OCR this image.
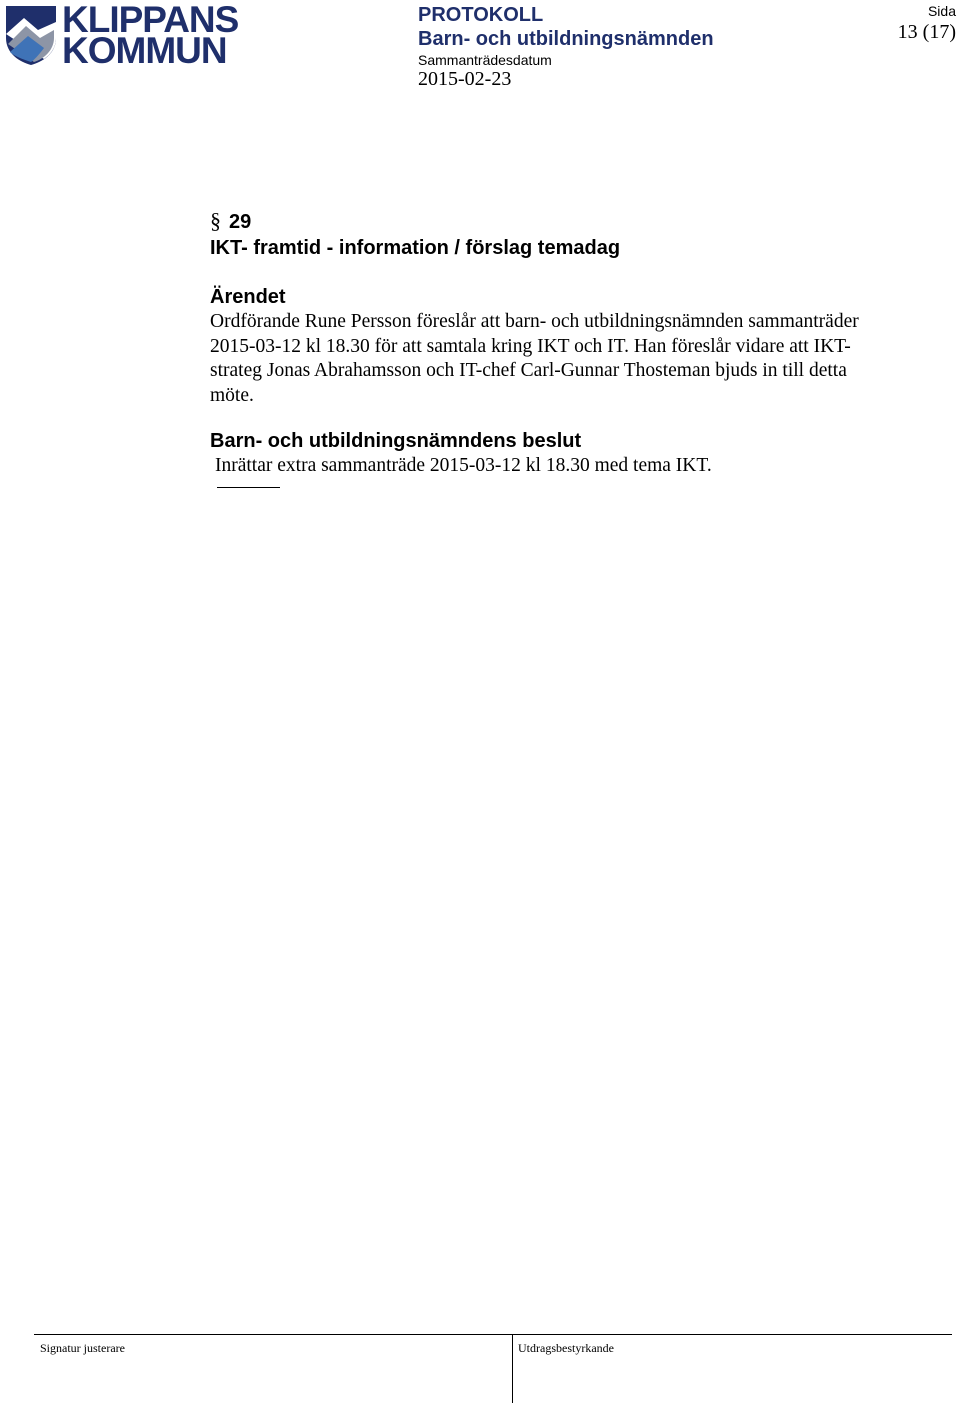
KLIPPANS
KOMMUN
PROTOKOLL
Barn- och utbildningsnämnden
Sammanträdesdatum
2015-02-23
Sida
13 (17)
§ 29
IKT- framtid - information / förslag temadag
Ärendet
Ordförande Rune Persson föreslår att barn- och utbildningsnämnden sammanträder
2015-03-12 kl 18.30 för att samtala kring IKT och IT. Han föreslår vidare att IKT-
strateg Jonas Abrahamsson och IT-chef Carl-Gunnar Thosteman bjuds in till detta
möte.
Barn- och utbildningsnämndens beslut
Inrättar extra sammanträde 2015-03-12 kl 18.30 med tema IKT.
Signatur justerare	Utdragsbestyrkande
